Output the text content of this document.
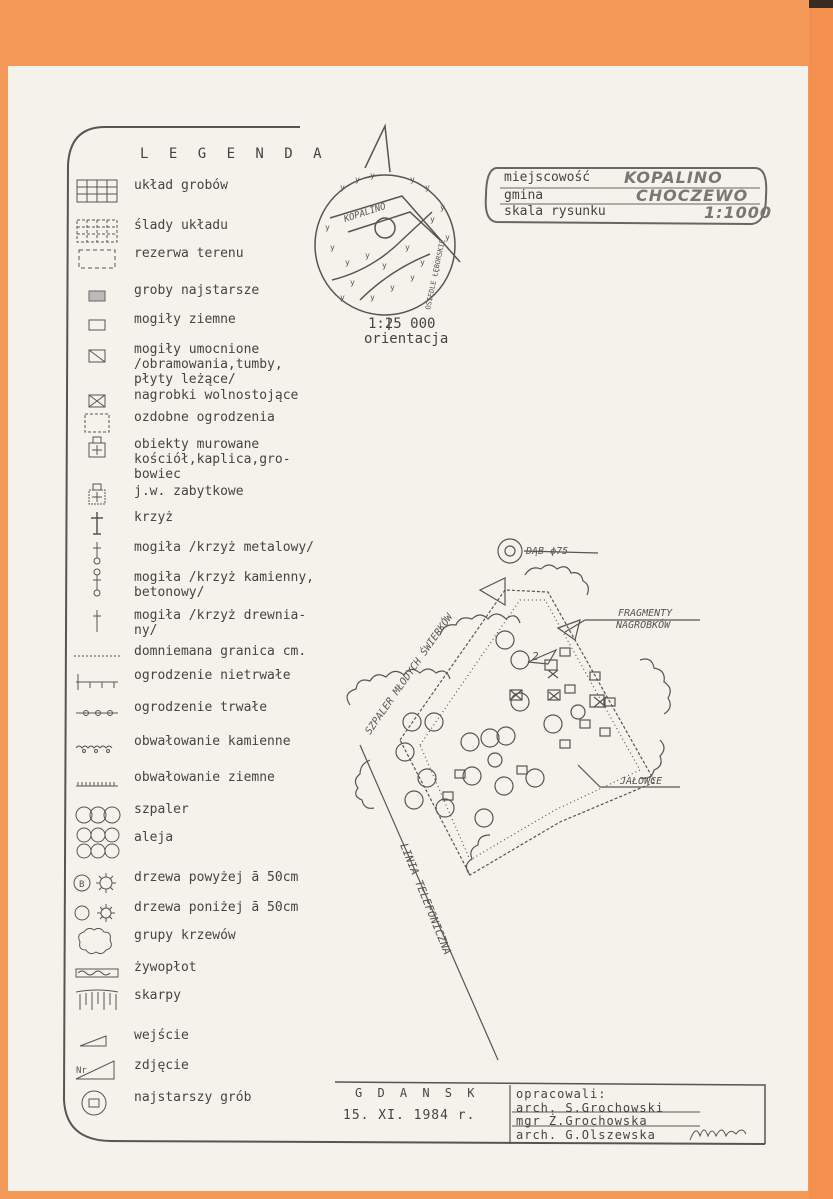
L E G E N D A
układ grobów
ślady układu
rezerwa terenu
groby najstarsze
mogiły ziemne
mogiły umocnione
/obramowania,tumby,
płyty leżące/
nagrobki wolnostojące
ozdobne ogrodzenia
obiekty murowane
kościół,kaplica,gro-
bowiec
j.w. zabytkowe
krzyż
mogiła /krzyż metalowy/
mogiła /krzyż kamienny,
betonowy/
mogiła /krzyż drewnia-
ny/
domniemana granica cm.
ogrodzenie nietrwałe
ogrodzenie trwałe
obwałowanie kamienne
obwałowanie ziemne
szpaler
aleja
B	drzewa powyżej ā 50cm
drzewa poniżej ā 50cm
grupy krzewów
żywopłot
skarpy
wejście
Nr	zdjęcie
najstarszy grób
miejscowość KOPALINO
gmina	CHOCZEWO
skala rysunku	1:1000
y
y y	y
y
y
y
y
y
y
y
y
y
y
y
y
y
y
y
y
KOPALINO
OSIEDLE ŁĘBORSKIE
1:25 000
orientacja
DĄB ϕ75
FRAGMENTY
NAGROBKÓW
JAŁOWCE
SZPALER MŁODYCH ŚWIERKÓW
LINIA TELEFONICZNA
2
G D A N S K
15. XI. 1984 r.
opracowali:
arch. S.Grochowski
mgr Ż.Grochowska
arch. G.Olszewska
